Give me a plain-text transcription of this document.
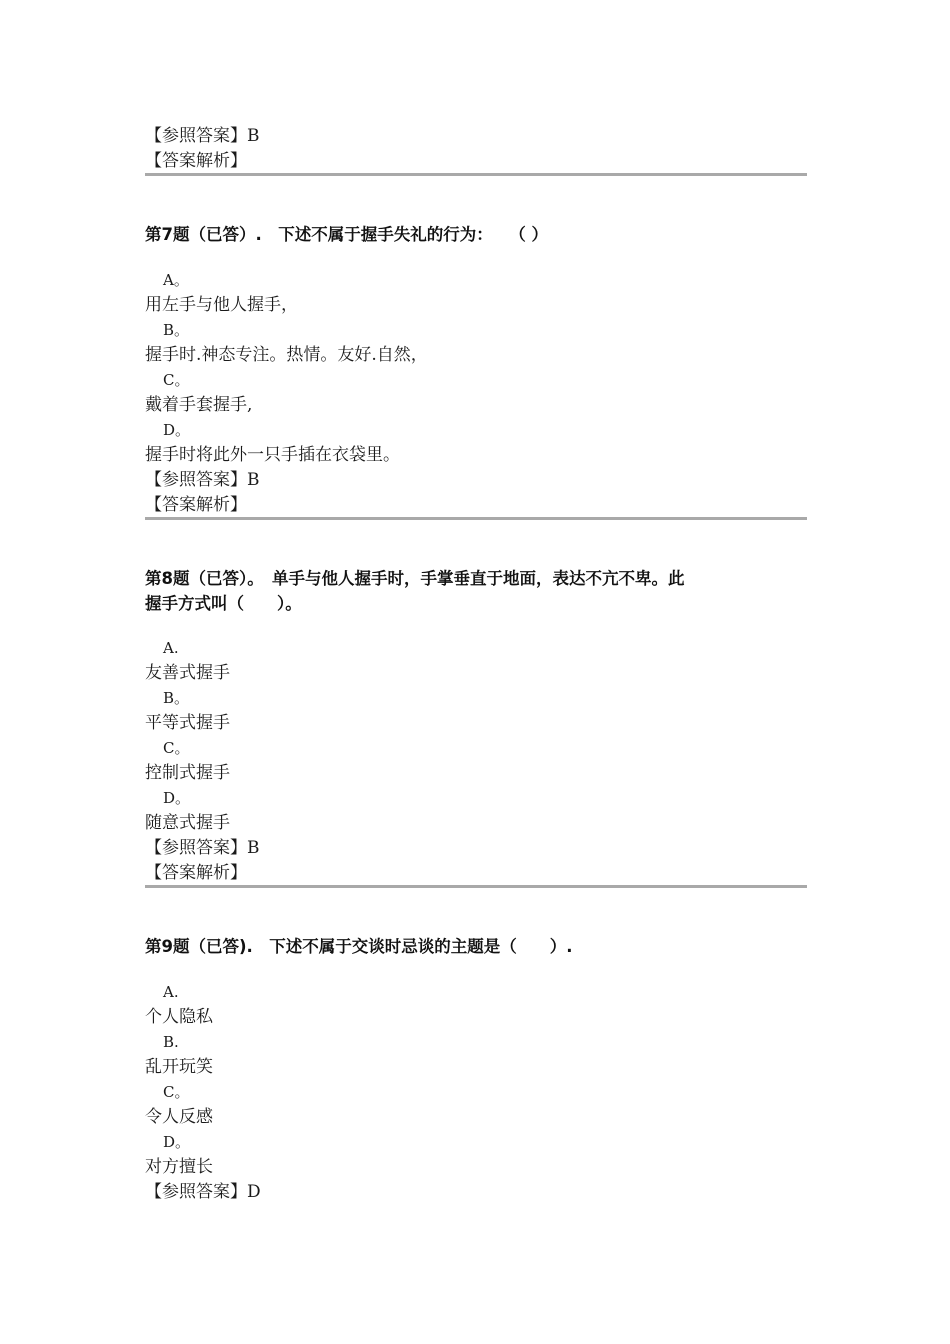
【参照答案】B
【答案解析】
第7题（已答）.　下述不属于握手失礼的行为：　　（ ）
A。
用左手与他人握手，
B。
握手时.神态专注。热情。友好.自然，
C。
戴着手套握手,
D。
握手时将此外一只手插在衣袋里。
【参照答案】B
【答案解析】
第8题（已答）。　单手与他人握手时，手掌垂直于地面，表达不亢不卑。此
握手方式叫（　　）。
A.
友善式握手
B。
平等式握手
C。
控制式握手
D。
随意式握手
【参照答案】B
【答案解析】
第9题（已答).　下述不属于交谈时忌谈的主题是（　　）.
A.
个人隐私
B.
乱开玩笑
C。
令人反感
D。
对方擅长
【参照答案】D
